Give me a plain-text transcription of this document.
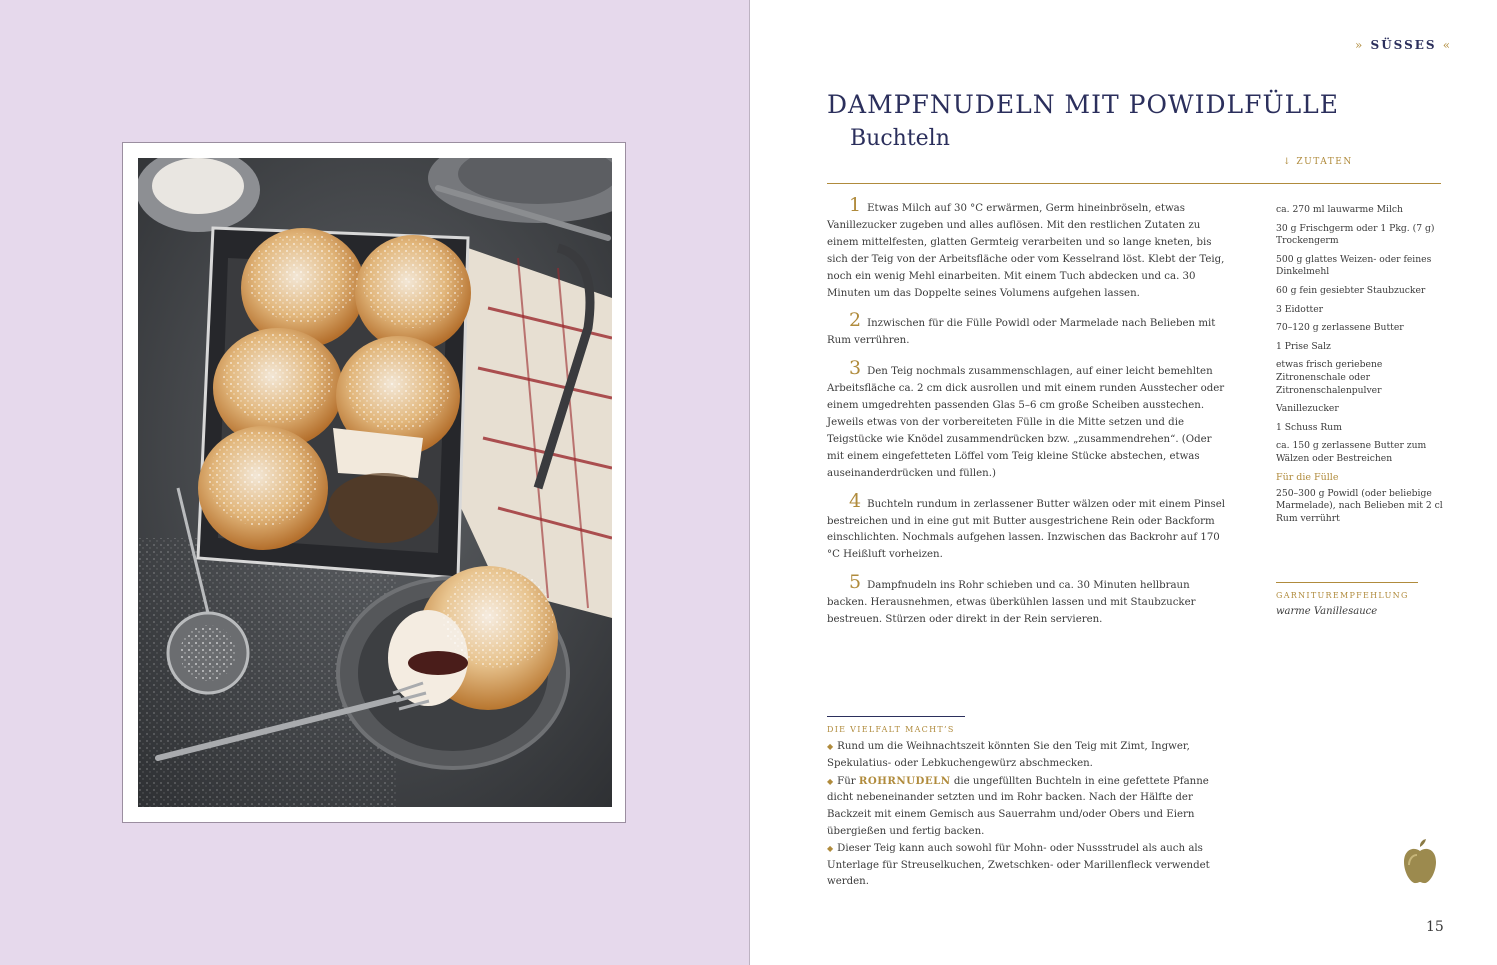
» SÜSSES «
DAMPFNUDELN MIT POWIDLFÜLLE
Buchteln
↓ ZUTATEN
1 Etwas Milch auf 30 °C erwärmen, Germ hineinbröseln, etwas Vanillezucker zugeben und alles auflösen. Mit den restlichen Zutaten zu einem mittelfesten, glatten Germteig verarbeiten und so lange kneten, bis sich der Teig von der Arbeitsfläche oder vom Kesselrand löst. Klebt der Teig, noch ein wenig Mehl einarbeiten. Mit einem Tuch abdecken und ca. 30 Minuten um das Doppelte seines Volumens aufgehen lassen.
2 Inzwischen für die Fülle Powidl oder Marmelade nach Belieben mit Rum verrühren.
3 Den Teig nochmals zusammenschlagen, auf einer leicht bemehlten Arbeitsfläche ca. 2 cm dick ausrollen und mit einem runden Ausstecher oder einem umgedrehten passenden Glas 5–6 cm große Scheiben ausstechen. Jeweils etwas von der vorbereiteten Fülle in die Mitte setzen und die Teigstücke wie Knödel zusammendrücken bzw. „zusammendrehen“. (Oder mit einem eingefetteten Löffel vom Teig kleine Stücke abstechen, etwas auseinanderdrücken und füllen.)
4 Buchteln rundum in zerlassener Butter wälzen oder mit einem Pinsel bestreichen und in eine gut mit Butter ausgestrichene Rein oder Backform einschlichten. Nochmals aufgehen lassen. Inzwischen das Backrohr auf 170 °C Heißluft vorheizen.
5 Dampfnudeln ins Rohr schieben und ca. 30 Minuten hellbraun backen. Herausnehmen, etwas überkühlen lassen und mit Staubzucker bestreuen. Stürzen oder direkt in der Rein servieren.
ca. 270 ml lauwarme Milch
30 g Frischgerm oder 1 Pkg. (7 g) Trockengerm
500 g glattes Weizen- oder feines Dinkelmehl
60 g fein gesiebter Staubzucker
3 Eidotter
70–120 g zerlassene Butter
1 Prise Salz
etwas frisch geriebene Zitronenschale oder Zitronenschalenpulver
Vanillezucker
1 Schuss Rum
ca. 150 g zerlassene Butter zum Wälzen oder Bestreichen
Für die Fülle
250–300 g Powidl (oder beliebige Marmelade), nach Belieben mit 2 cl Rum verrührt
GARNITUREMPFEHLUNG
warme Vanillesauce
DIE VIELFALT MACHT’S
◆ Rund um die Weihnachtszeit könnten Sie den Teig mit Zimt, Ingwer, Spekulatius- oder Lebkuchengewürz abschmecken.
◆ Für ROHRNUDELN die ungefüllten Buchteln in eine gefettete Pfanne dicht nebeneinander setzten und im Rohr backen. Nach der Hälfte der Backzeit mit einem Gemisch aus Sauerrahm und/oder Obers und Eiern übergießen und fertig backen.
◆ Dieser Teig kann auch sowohl für Mohn- oder Nussstrudel als auch als Unterlage für Streuselkuchen, Zwetschken- oder Marillenfleck verwendet werden.
15
